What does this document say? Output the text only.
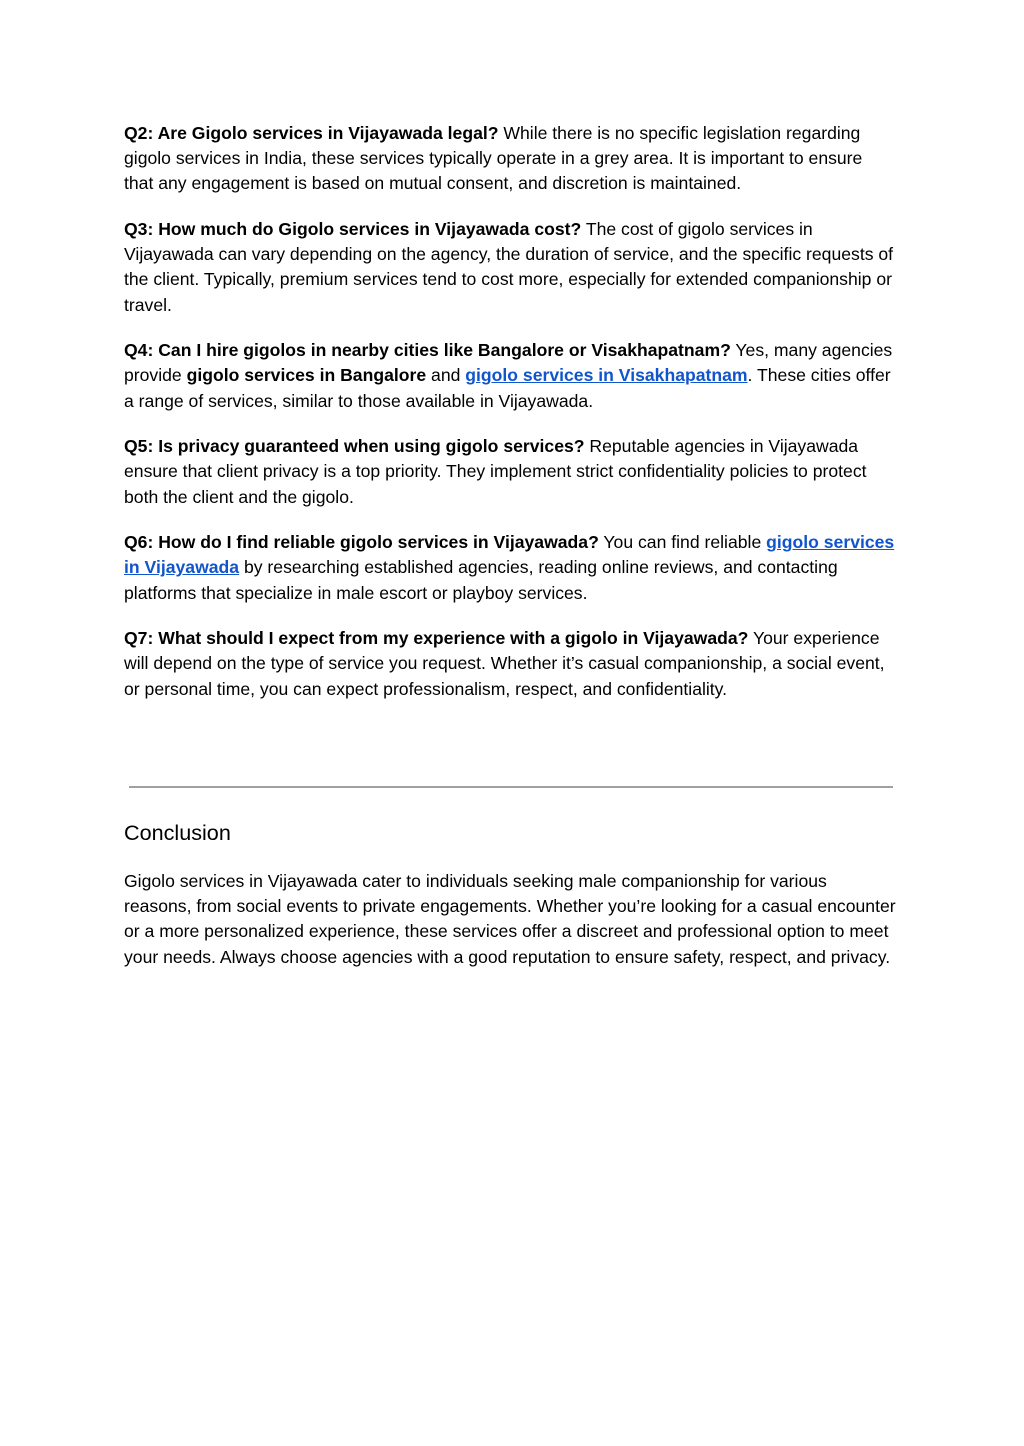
Q2: Are Gigolo services in Vijayawada legal? While there is no specific legislation regarding gigolo services in India, these services typically operate in a grey area. It is important to ensure that any engagement is based on mutual consent, and discretion is maintained.

Q3: How much do Gigolo services in Vijayawada cost? The cost of gigolo services in Vijayawada can vary depending on the agency, the duration of service, and the specific requests of the client. Typically, premium services tend to cost more, especially for extended companionship or travel.

Q4: Can I hire gigolos in nearby cities like Bangalore or Visakhapatnam? Yes, many agencies provide gigolo services in Bangalore and gigolo services in Visakhapatnam. These cities offer a range of services, similar to those available in Vijayawada.

Q5: Is privacy guaranteed when using gigolo services? Reputable agencies in Vijayawada ensure that client privacy is a top priority. They implement strict confidentiality policies to protect both the client and the gigolo.

Q6: How do I find reliable gigolo services in Vijayawada? You can find reliable gigolo services in Vijayawada by researching established agencies, reading online reviews, and contacting platforms that specialize in male escort or playboy services.

Q7: What should I expect from my experience with a gigolo in Vijayawada? Your experience will depend on the type of service you request. Whether it’s casual companionship, a social event, or personal time, you can expect professionalism, respect, and confidentiality.

Conclusion

Gigolo services in Vijayawada cater to individuals seeking male companionship for various reasons, from social events to private engagements. Whether you’re looking for a casual encounter or a more personalized experience, these services offer a discreet and professional option to meet your needs. Always choose agencies with a good reputation to ensure safety, respect, and privacy.
